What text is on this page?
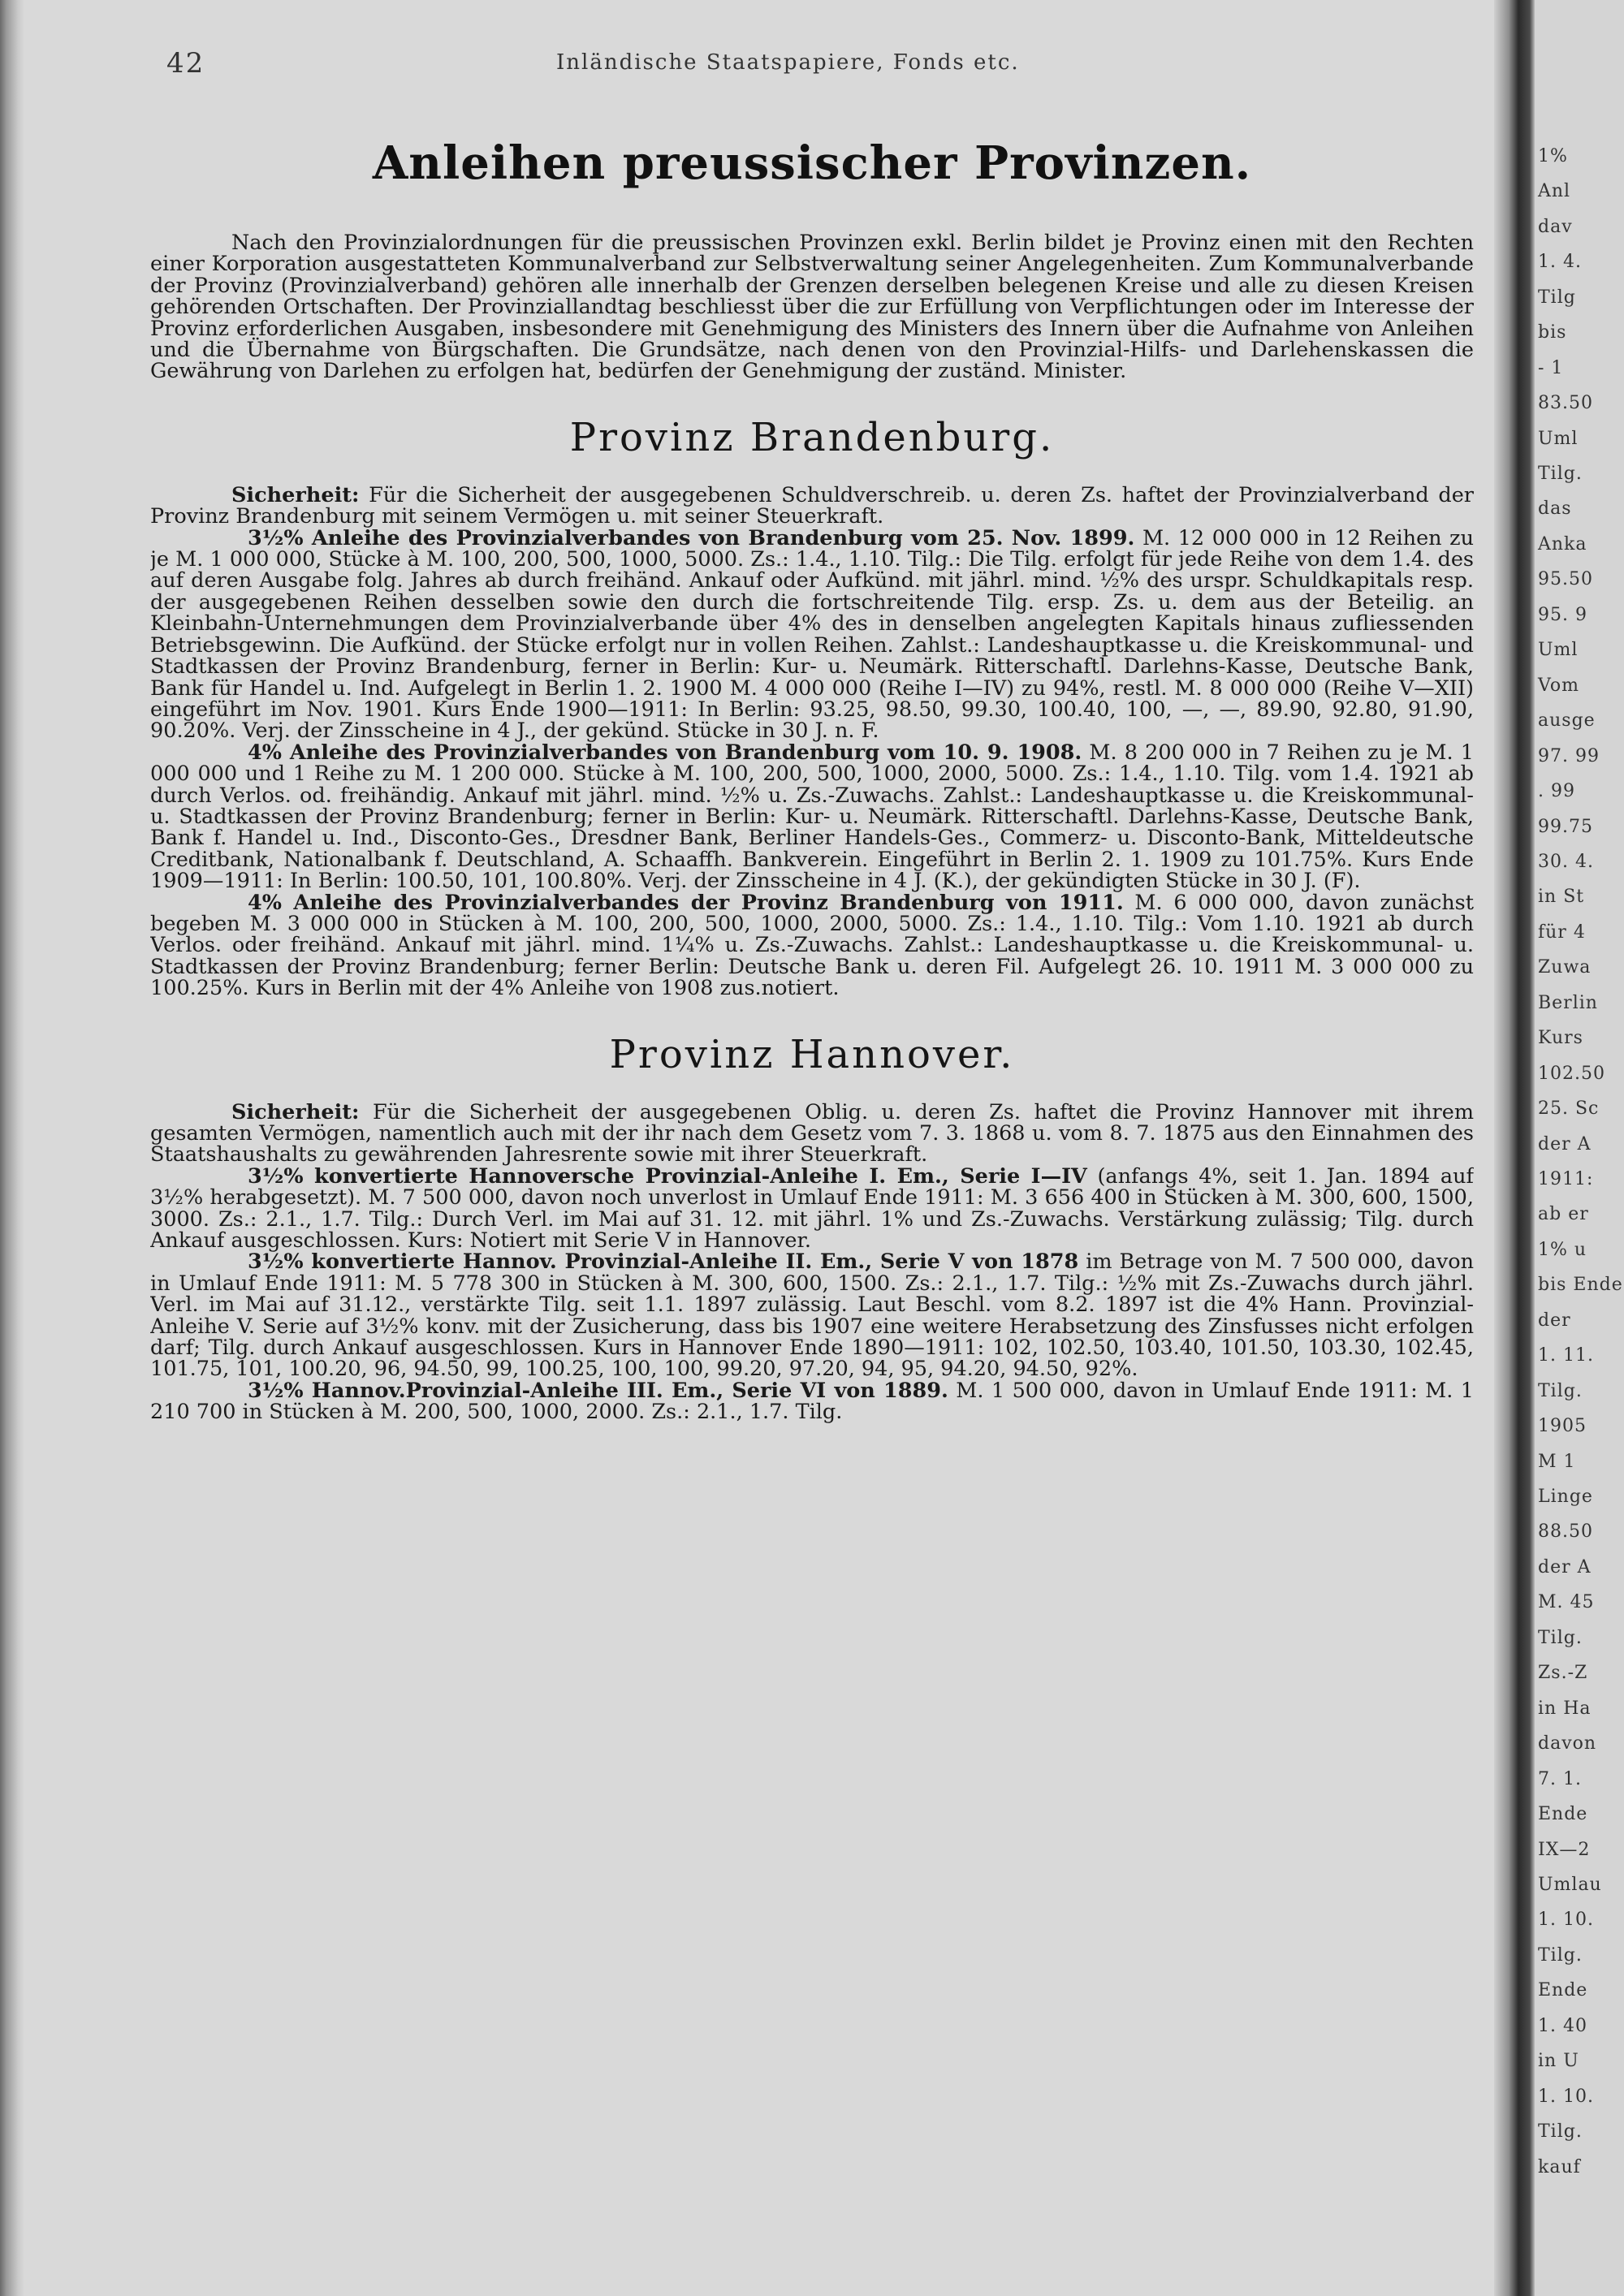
42	Inländische Staatspapiere, Fonds etc.
Anleihen preussischer Provinzen.

Nach den Provinzialordnungen für die preussischen Provinzen exkl. Berlin bildet je Provinz einen mit den Rechten einer Korporation ausgestatteten Kommunalverband zur Selbstverwaltung seiner Angelegenheiten. Zum Kommunalverbande der Provinz (Provinzialverband) gehören alle innerhalb der Grenzen derselben belegenen Kreise und alle zu diesen Kreisen gehörenden Ortschaften. Der Provinziallandtag beschliesst über die zur Erfüllung von Verpflichtungen oder im Interesse der Provinz erforderlichen Ausgaben, insbesondere mit Genehmigung des Ministers des Innern über die Aufnahme von Anleihen und die Übernahme von Bürgschaften. Die Grundsätze, nach denen von den Provinzial-Hilfs- und Darlehenskassen die Gewährung von Darlehen zu erfolgen hat, bedürfen der Genehmigung der zuständ. Minister.

Provinz Brandenburg.

Sicherheit: Für die Sicherheit der ausgegebenen Schuldverschreib. u. deren Zs. haftet der Provinzialverband der Provinz Brandenburg mit seinem Vermögen u. mit seiner Steuerkraft.

3½% Anleihe des Provinzialverbandes von Brandenburg vom 25. Nov. 1899. M. 12 000 000 in 12 Reihen zu je M. 1 000 000, Stücke à M. 100, 200, 500, 1000, 5000. Zs.: 1.4., 1.10. Tilg.: Die Tilg. erfolgt für jede Reihe von dem 1.4. des auf deren Ausgabe folg. Jahres ab durch freihänd. Ankauf oder Aufkünd. mit jährl. mind. ½% des urspr. Schuldkapitals resp. der ausgegebenen Reihen desselben sowie den durch die fortschreitende Tilg. ersp. Zs. u. dem aus der Beteilig. an Kleinbahn-Unternehmungen dem Provinzialverbande über 4% des in denselben angelegten Kapitals hinaus zufliessenden Betriebsgewinn. Die Aufkünd. der Stücke erfolgt nur in vollen Reihen. Zahlst.: Landeshauptkasse u. die Kreiskommunal- und Stadtkassen der Provinz Brandenburg, ferner in Berlin: Kur- u. Neumärk. Ritterschaftl. Darlehns-Kasse, Deutsche Bank, Bank für Handel u. Ind. Aufgelegt in Berlin 1. 2. 1900 M. 4 000 000 (Reihe I—IV) zu 94%, restl. M. 8 000 000 (Reihe V—XII) eingeführt im Nov. 1901. Kurs Ende 1900—1911: In Berlin: 93.25, 98.50, 99.30, 100.40, 100, —, —, 89.90, 92.80, 91.90, 90.20%. Verj. der Zinsscheine in 4 J., der gekünd. Stücke in 30 J. n. F.

4% Anleihe des Provinzialverbandes von Brandenburg vom 10. 9. 1908. M. 8 200 000 in 7 Reihen zu je M. 1 000 000 und 1 Reihe zu M. 1 200 000. Stücke à M. 100, 200, 500, 1000, 2000, 5000. Zs.: 1.4., 1.10. Tilg. vom 1.4. 1921 ab durch Verlos. od. freihändig. Ankauf mit jährl. mind. ½% u. Zs.-Zuwachs. Zahlst.: Landeshauptkasse u. die Kreiskommunal- u. Stadtkassen der Provinz Brandenburg; ferner in Berlin: Kur- u. Neumärk. Ritterschaftl. Darlehns-Kasse, Deutsche Bank, Bank f. Handel u. Ind., Disconto-Ges., Dresdner Bank, Berliner Handels-Ges., Commerz- u. Disconto-Bank, Mitteldeutsche Creditbank, Nationalbank f. Deutschland, A. Schaaffh. Bankverein. Eingeführt in Berlin 2. 1. 1909 zu 101.75%. Kurs Ende 1909—1911: In Berlin: 100.50, 101, 100.80%. Verj. der Zinsscheine in 4 J. (K.), der gekündigten Stücke in 30 J. (F).

4% Anleihe des Provinzialverbandes der Provinz Brandenburg von 1911. M. 6 000 000, davon zunächst begeben M. 3 000 000 in Stücken à M. 100, 200, 500, 1000, 2000, 5000. Zs.: 1.4., 1.10. Tilg.: Vom 1.10. 1921 ab durch Verlos. oder freihänd. Ankauf mit jährl. mind. 1¼% u. Zs.-Zuwachs. Zahlst.: Landeshauptkasse u. die Kreiskommunal- u. Stadtkassen der Provinz Brandenburg; ferner Berlin: Deutsche Bank u. deren Fil. Aufgelegt 26. 10. 1911 M. 3 000 000 zu 100.25%. Kurs in Berlin mit der 4% Anleihe von 1908 zus.notiert.

Provinz Hannover.

Sicherheit: Für die Sicherheit der ausgegebenen Oblig. u. deren Zs. haftet die Provinz Hannover mit ihrem gesamten Vermögen, namentlich auch mit der ihr nach dem Gesetz vom 7. 3. 1868 u. vom 8. 7. 1875 aus den Einnahmen des Staatshaushalts zu gewährenden Jahresrente sowie mit ihrer Steuerkraft.

3½% konvertierte Hannoversche Provinzial-Anleihe I. Em., Serie I—IV (anfangs 4%, seit 1. Jan. 1894 auf 3½% herabgesetzt). M. 7 500 000, davon noch unverlost in Umlauf Ende 1911: M. 3 656 400 in Stücken à M. 300, 600, 1500, 3000. Zs.: 2.1., 1.7. Tilg.: Durch Verl. im Mai auf 31. 12. mit jährl. 1% und Zs.-Zuwachs. Verstärkung zulässig; Tilg. durch Ankauf ausgeschlossen. Kurs: Notiert mit Serie V in Hannover.

3½% konvertierte Hannov. Provinzial-Anleihe II. Em., Serie V von 1878 im Betrage von M. 7 500 000, davon in Umlauf Ende 1911: M. 5 778 300 in Stücken à M. 300, 600, 1500. Zs.: 2.1., 1.7. Tilg.: ½% mit Zs.-Zuwachs durch jährl. Verl. im Mai auf 31.12., verstärkte Tilg. seit 1.1. 1897 zulässig. Laut Beschl. vom 8.2. 1897 ist die 4% Hann. Provinzial-Anleihe V. Serie auf 3½% konv. mit der Zusicherung, dass bis 1907 eine weitere Herabsetzung des Zinsfusses nicht erfolgen darf; Tilg. durch Ankauf ausgeschlossen. Kurs in Hannover Ende 1890—1911: 102, 102.50, 103.40, 101.50, 103.30, 102.45, 101.75, 101, 100.20, 96, 94.50, 99, 100.25, 100, 100, 99.20, 97.20, 94, 95, 94.20, 94.50, 92%.

3½% Hannov.Provinzial-Anleihe III. Em., Serie VI von 1889. M. 1 500 000, davon in Umlauf Ende 1911: M. 1 210 700 in Stücken à M. 200, 500, 1000, 2000. Zs.: 2.1., 1.7. Tilg.

1%
Anl
dav
1. 4.
Tilg
bis
- 1
83.50
Uml
Tilg.
das
Anka
95.50
95. 9
Uml
Vom
ausge
97. 99
. 99
99.75
30. 4.
in St
für 4
Zuwa
Berlin
Kurs
102.50
25. Sc
der A
1911:
ab er
1% u
bis Ende
der
1. 11.
Tilg.
1905
M 1
Linge
88.50
der A
M. 45
Tilg.
Zs.-Z
in Ha
davon
7. 1.
Ende
IX—2
Umlau
1. 10.
Tilg.
Ende
1. 40
in U
1. 10.
Tilg.
kauf
